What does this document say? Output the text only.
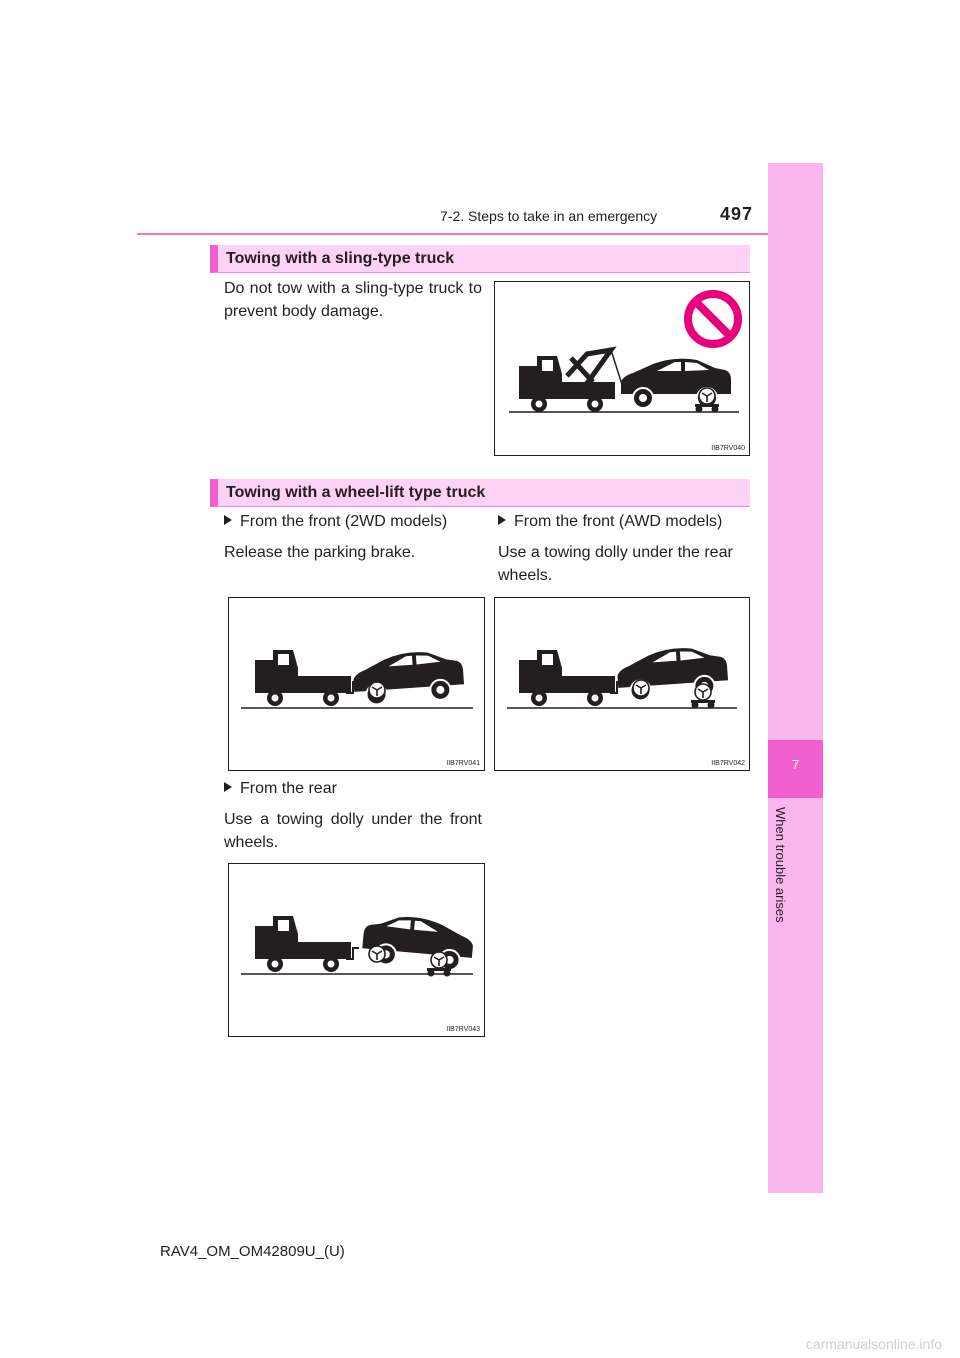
7-2. Steps to take in an emergency	497
7
When trouble arises
Towing with a sling-type truck
Do not tow with a sling-type truck to prevent body damage.
IIB7RV040
Towing with a wheel-lift type truck
From the front (2WD models)
Release the parking brake.
From the front (AWD models)
Use a towing dolly under the rear wheels.
IIB7RV041	IIB7RV042
From the rear
Use a towing dolly under the front wheels.
IIB7RV043
RAV4_OM_OM42809U_(U)
carmanualsonline.info
